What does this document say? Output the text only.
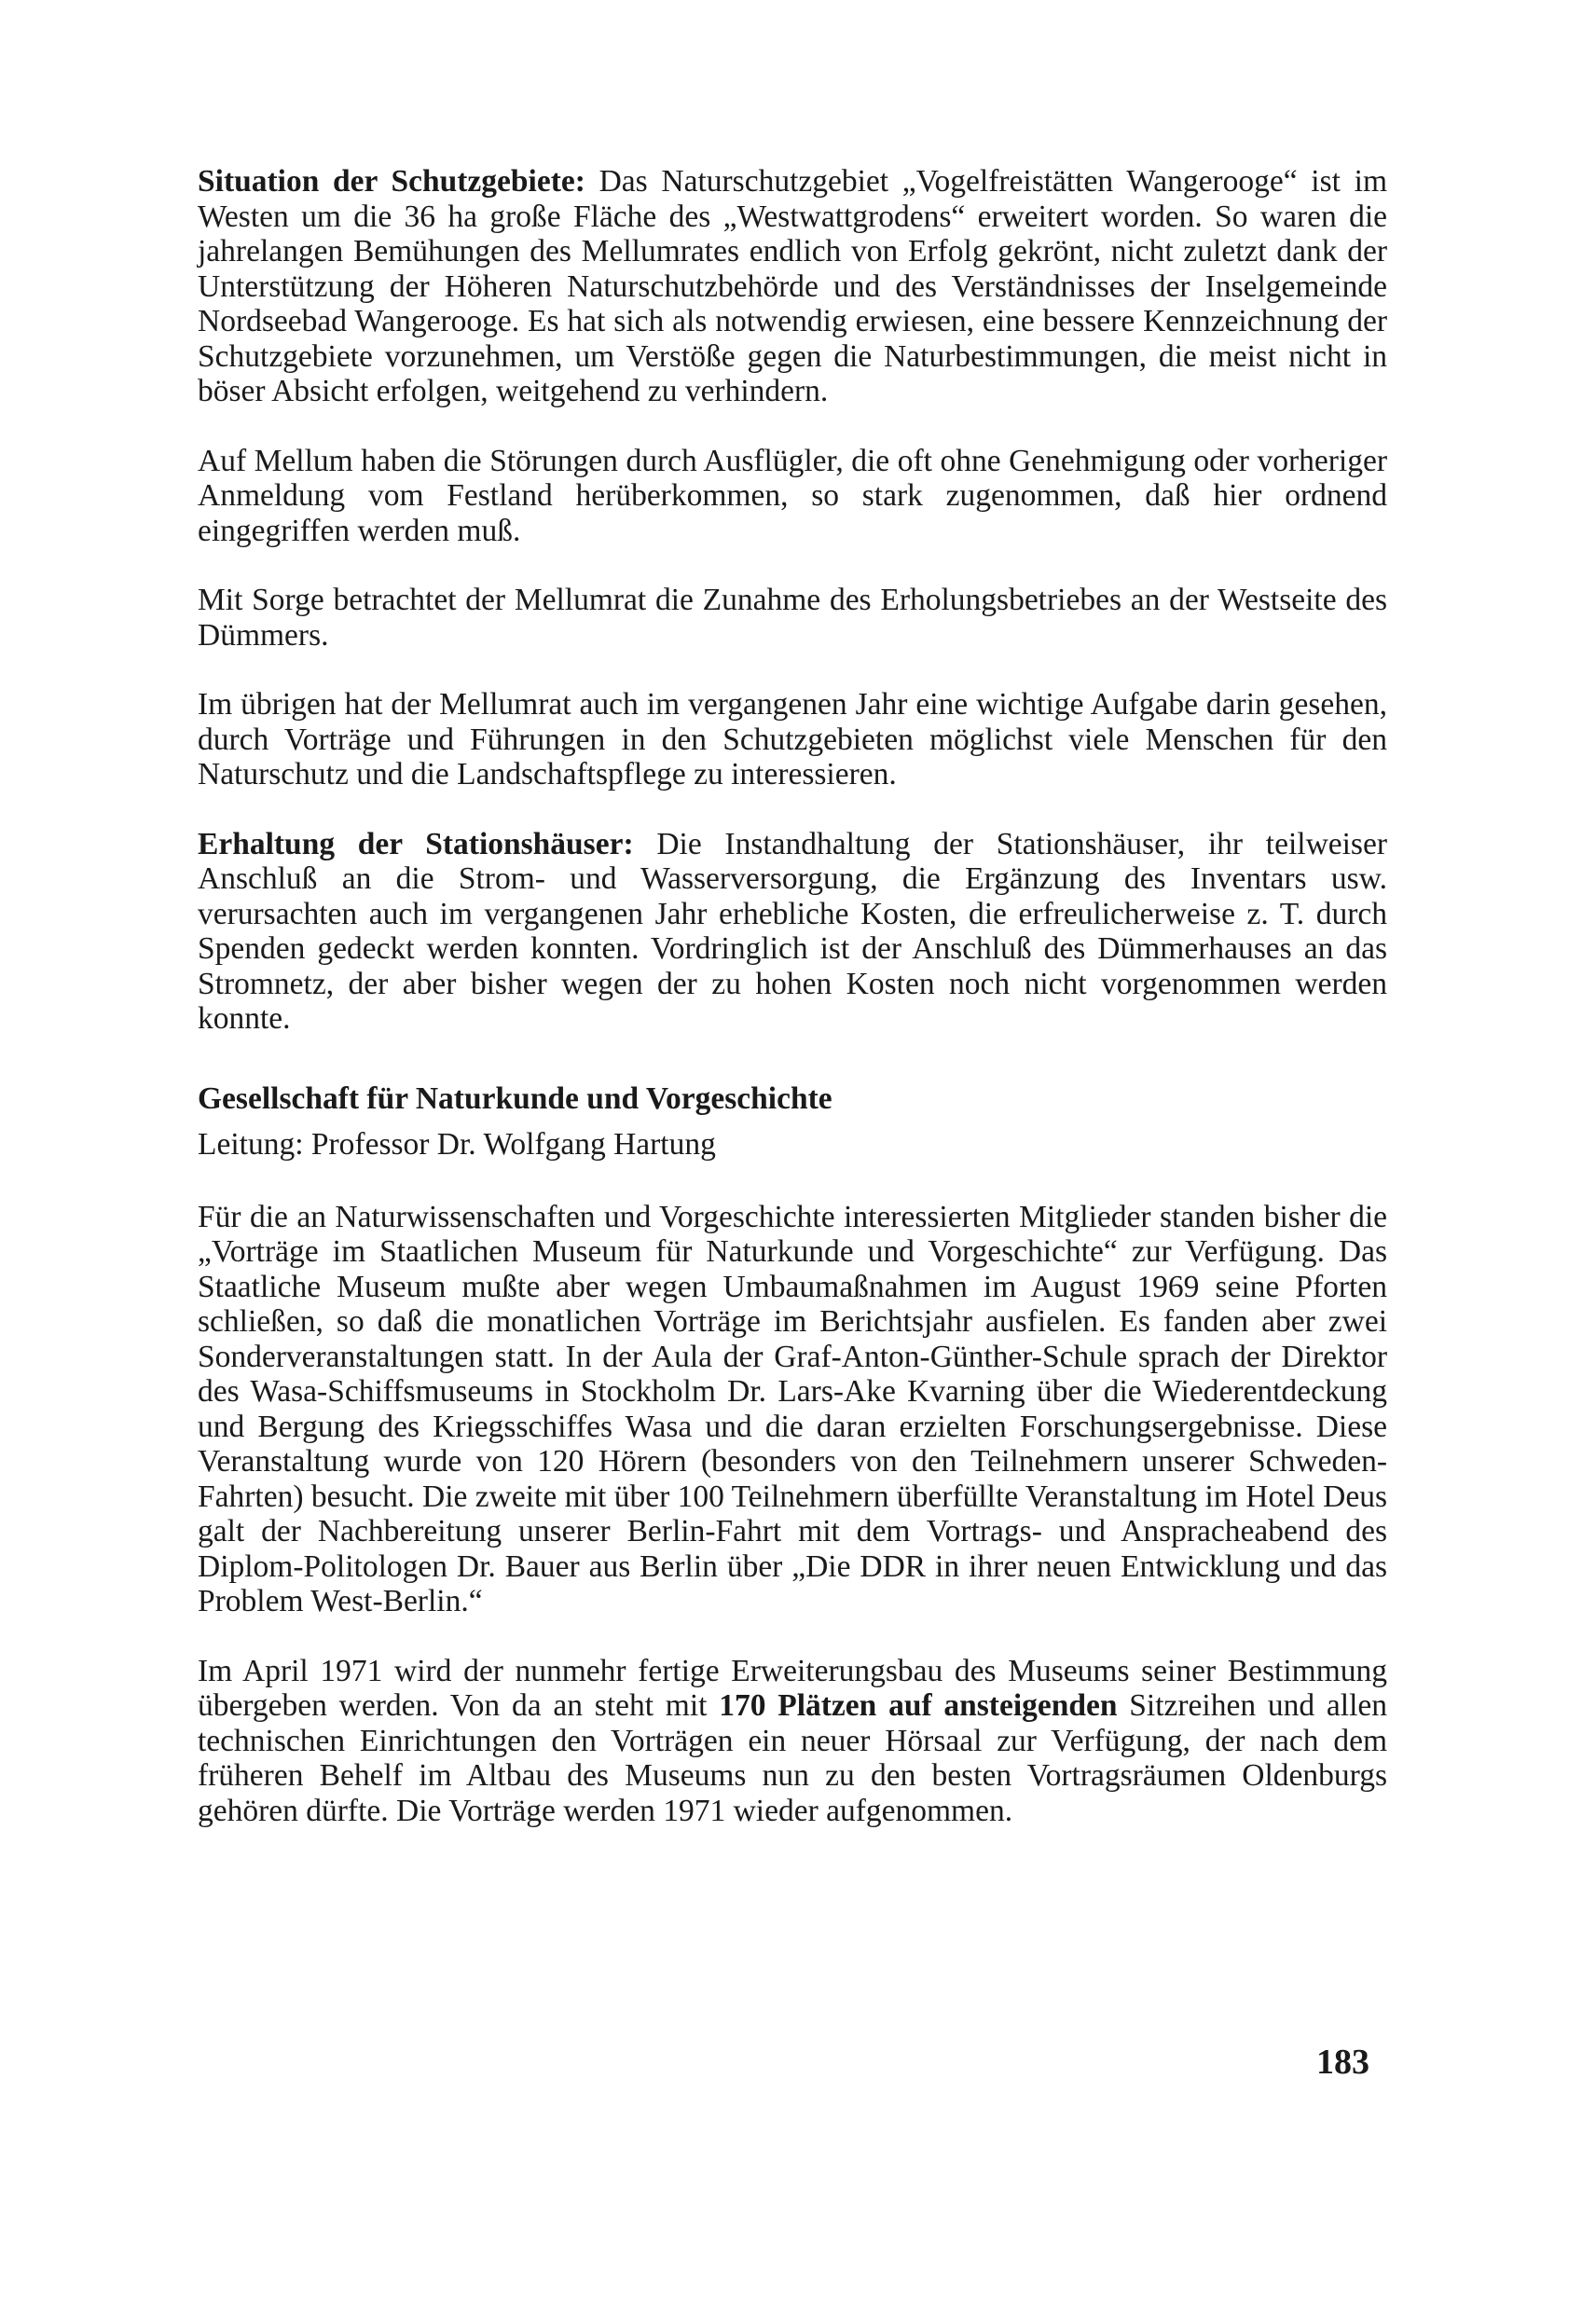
Situation der Schutzgebiete: Das Naturschutzgebiet „Vogelfreistätten Wangerooge“ ist im Westen um die 36 ha große Fläche des „Westwattgrodens“ erweitert worden. So waren die jahrelangen Bemühungen des Mellumrates endlich von Erfolg gekrönt, nicht zuletzt dank der Unterstützung der Höheren Naturschutzbehörde und des Verständnisses der Inselgemeinde Nordseebad Wangerooge. Es hat sich als notwendig erwiesen, eine bessere Kennzeichnung der Schutzgebiete vorzunehmen, um Verstöße gegen die Naturbestimmungen, die meist nicht in böser Absicht erfolgen, weitgehend zu verhindern.

Auf Mellum haben die Störungen durch Ausflügler, die oft ohne Genehmigung oder vorheriger Anmeldung vom Festland herüberkommen, so stark zugenommen, daß hier ordnend eingegriffen werden muß.

Mit Sorge betrachtet der Mellumrat die Zunahme des Erholungsbetriebes an der Westseite des Dümmers.

Im übrigen hat der Mellumrat auch im vergangenen Jahr eine wichtige Aufgabe darin gesehen, durch Vorträge und Führungen in den Schutzgebieten möglichst viele Menschen für den Naturschutz und die Landschaftspflege zu interessieren.

Erhaltung der Stationshäuser: Die Instandhaltung der Stationshäuser, ihr teilweiser Anschluß an die Strom- und Wasserversorgung, die Ergänzung des Inventars usw. verursachten auch im vergangenen Jahr erhebliche Kosten, die erfreulicherweise z. T. durch Spenden gedeckt werden konnten. Vordringlich ist der Anschluß des Dümmerhauses an das Stromnetz, der aber bisher wegen der zu hohen Kosten noch nicht vorgenommen werden konnte.

Gesellschaft für Naturkunde und Vorgeschichte

Leitung: Professor Dr. Wolfgang Hartung

Für die an Naturwissenschaften und Vorgeschichte interessierten Mitglieder standen bisher die „Vorträge im Staatlichen Museum für Naturkunde und Vorgeschichte“ zur Verfügung. Das Staatliche Museum mußte aber wegen Umbaumaßnahmen im August 1969 seine Pforten schließen, so daß die monatlichen Vorträge im Berichtsjahr ausfielen. Es fanden aber zwei Sonderveranstaltungen statt. In der Aula der Graf-Anton-Günther-Schule sprach der Direktor des Wasa-Schiffsmuseums in Stockholm Dr. Lars-Ake Kvarning über die Wiederentdeckung und Bergung des Kriegsschiffes Wasa und die daran erzielten Forschungsergebnisse. Diese Veranstaltung wurde von 120 Hörern (besonders von den Teilnehmern unserer Schweden-Fahrten) besucht. Die zweite mit über 100 Teilnehmern überfüllte Veranstaltung im Hotel Deus galt der Nachbereitung unserer Berlin-Fahrt mit dem Vortrags- und Anspracheabend des Diplom-Politologen Dr. Bauer aus Berlin über „Die DDR in ihrer neuen Entwicklung und das Problem West-Berlin.“

Im April 1971 wird der nunmehr fertige Erweiterungsbau des Museums seiner Bestimmung übergeben werden. Von da an steht mit 170 Plätzen auf ansteigenden Sitzreihen und allen technischen Einrichtungen den Vorträgen ein neuer Hörsaal zur Verfügung, der nach dem früheren Behelf im Altbau des Museums nun zu den besten Vortragsräumen Oldenburgs gehören dürfte. Die Vorträge werden 1971 wieder aufgenommen.

183
